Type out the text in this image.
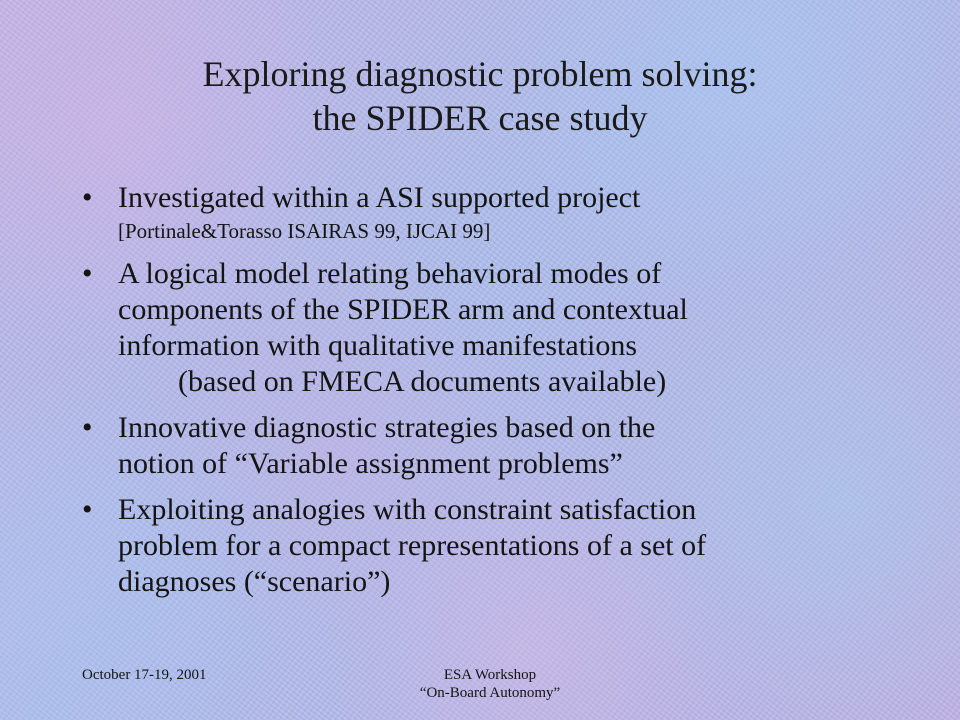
Exploring diagnostic problem solving:
the SPIDER case study
• Investigated within a ASI supported project
[Portinale&Torasso ISAIRAS 99, IJCAI 99]
• A logical model relating behavioral modes of
components of the SPIDER arm and contextual
information with qualitative manifestations
(based on FMECA documents available)
• Innovative diagnostic strategies based on the
notion of “Variable assignment problems”
• Exploiting analogies with constraint satisfaction
problem for a compact representations of a set of
diagnoses (“scenario”)
October 17-19, 2001	ESA Workshop
“On-Board Autonomy”
